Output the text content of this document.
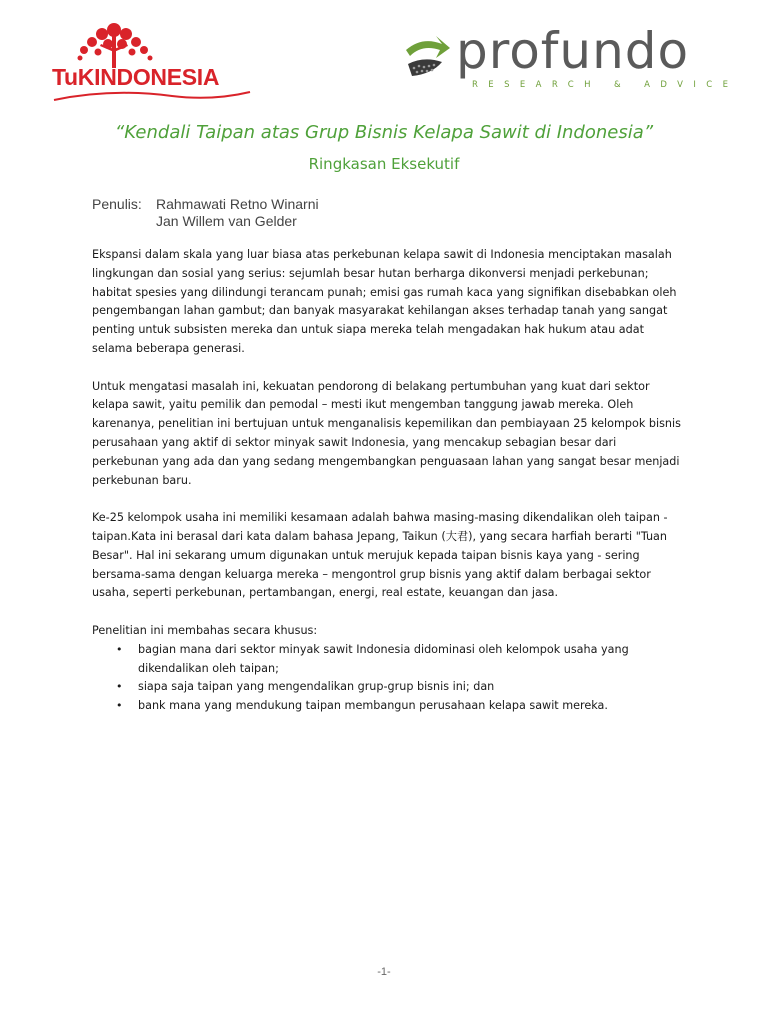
TuKINDONESIA	profundo
RESEARCH & ADVICE
“Kendali Taipan atas Grup Bisnis Kelapa Sawit di Indonesia”
Ringkasan Eksekutif
Penulis: Rahmawati Retno Winarni
Jan Willem van Gelder

Ekspansi dalam skala yang luar biasa atas perkebunan kelapa sawit di Indonesia menciptakan masalah lingkungan dan sosial yang serius: sejumlah besar hutan berharga dikonversi menjadi perkebunan; habitat spesies yang dilindungi terancam punah; emisi gas rumah kaca yang signifikan disebabkan oleh pengembangan lahan gambut; dan banyak masyarakat kehilangan akses terhadap tanah yang sangat penting untuk subsisten mereka dan untuk siapa mereka telah mengadakan hak hukum atau adat selama beberapa generasi.

Untuk mengatasi masalah ini, kekuatan pendorong di belakang pertumbuhan yang kuat dari sektor kelapa sawit, yaitu pemilik dan pemodal – mesti ikut mengemban tanggung jawab mereka. Oleh karenanya, penelitian ini bertujuan untuk menganalisis kepemilikan dan pembiayaan 25 kelompok bisnis perusahaan yang aktif di sektor minyak sawit Indonesia, yang mencakup sebagian besar dari perkebunan yang ada dan yang sedang mengembangkan penguasaan lahan yang sangat besar menjadi perkebunan baru.

Ke-25 kelompok usaha ini memiliki kesamaan adalah bahwa masing-masing dikendalikan oleh taipan - taipan.Kata ini berasal dari kata dalam bahasa Jepang, Taikun (大君), yang secara harfiah berarti "Tuan Besar". Hal ini sekarang umum digunakan untuk merujuk kepada taipan bisnis kaya yang - sering bersama-sama dengan keluarga mereka – mengontrol grup bisnis yang aktif dalam berbagai sektor usaha, seperti perkebunan, pertambangan, energi, real estate, keuangan dan jasa.

Penelitian ini membahas secara khusus:
• bagian mana dari sektor minyak sawit Indonesia didominasi oleh kelompok usaha yang dikendalikan oleh taipan;
• siapa saja taipan yang mengendalikan grup-grup bisnis ini; dan
• bank mana yang mendukung taipan membangun perusahaan kelapa sawit mereka.
-1-
